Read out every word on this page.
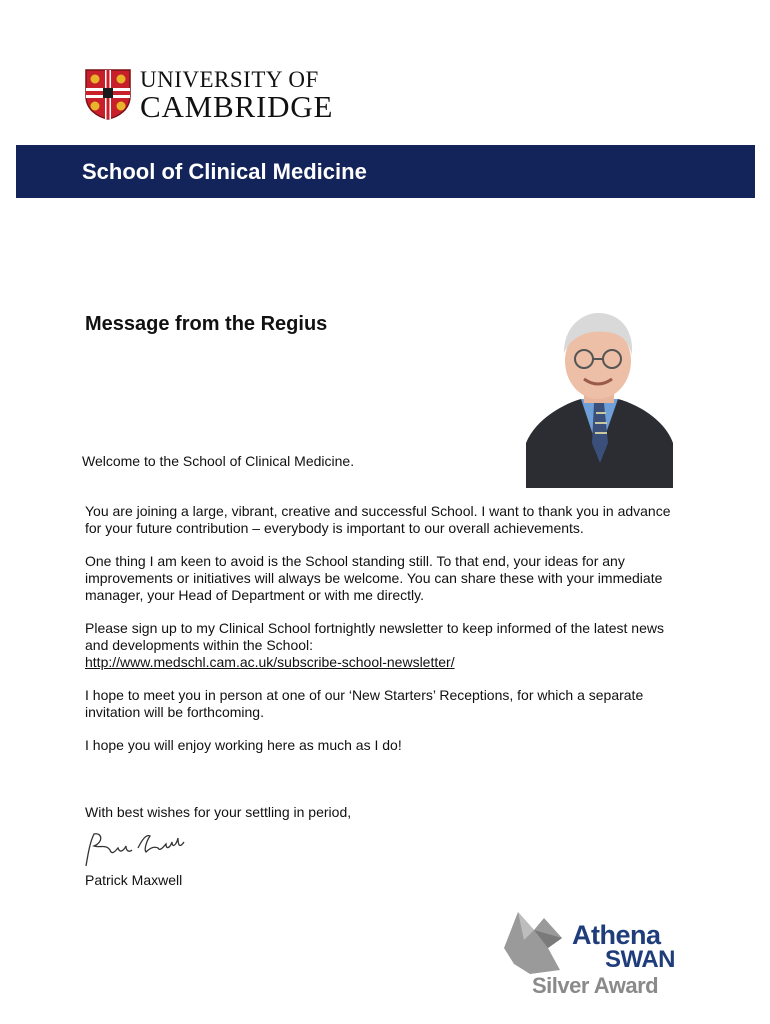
UNIVERSITY OF
CAMBRIDGE
School of Clinical Medicine
Message from the Regius
Welcome to the School of Clinical Medicine.

You are joining a large, vibrant, creative and successful School. I want to thank you in advance for your future contribution – everybody is important to our overall achievements.

One thing I am keen to avoid is the School standing still. To that end, your ideas for any improvements or initiatives will always be welcome. You can share these with your immediate manager, your Head of Department or with me directly.

Please sign up to my Clinical School fortnightly newsletter to keep informed of the latest news and developments within the School:
http://www.medschl.cam.ac.uk/subscribe-school-newsletter/

I hope to meet you in person at one of our ‘New Starters’ Receptions, for which a separate invitation will be forthcoming.

I hope you will enjoy working here as much as I do!

With best wishes for your settling in period,
Patrick Maxwell
Athena
SWAN
Silver Award
